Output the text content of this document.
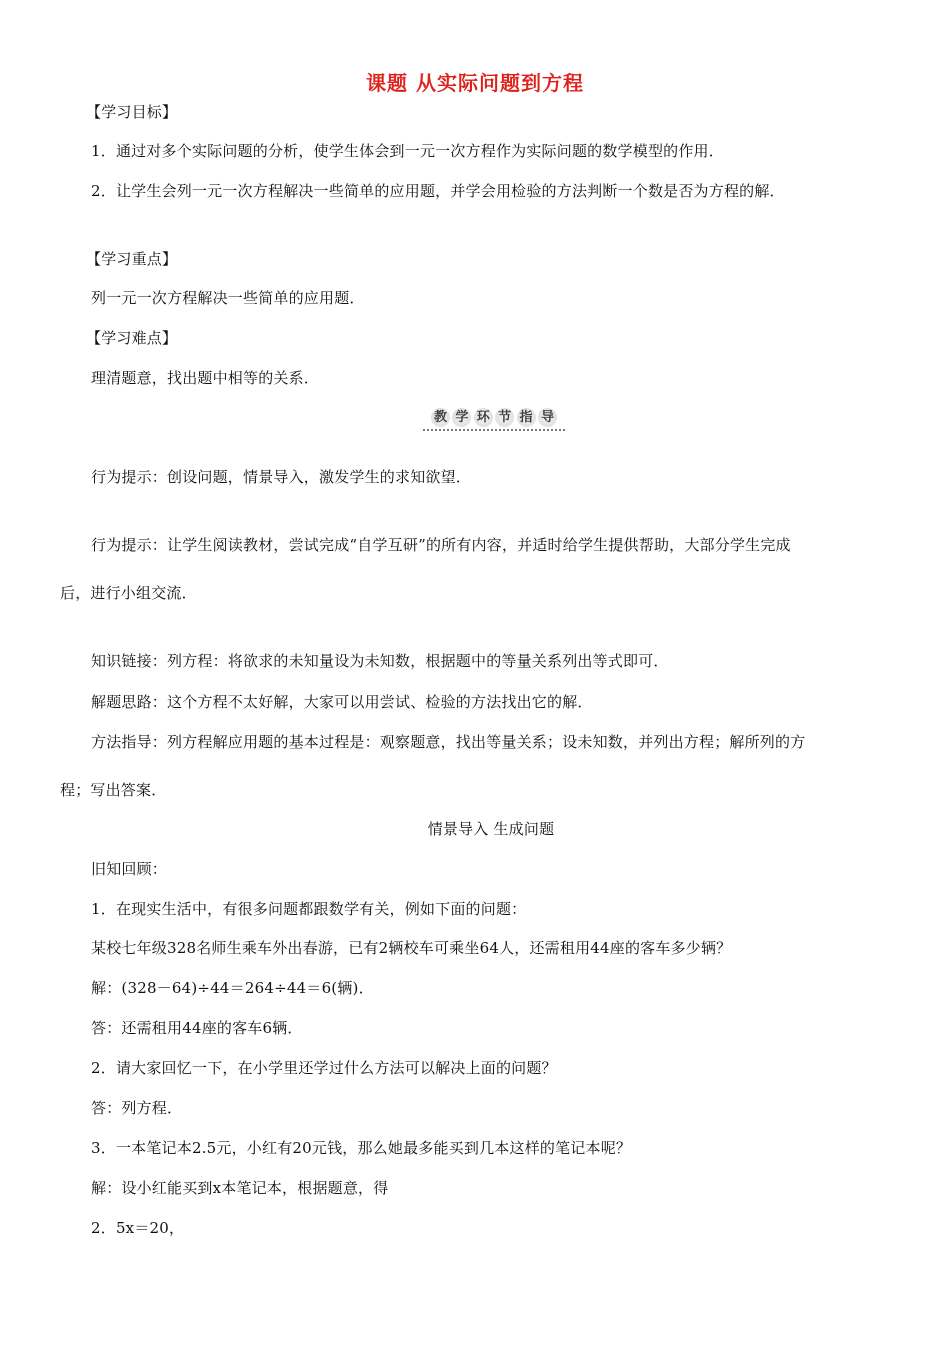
课题 从实际问题到方程
【学习目标】
1．通过对多个实际问题的分析，使学生体会到一元一次方程作为实际问题的数学模型的作用．
2．让学生会列一元一次方程解决一些简单的应用题，并学会用检验的方法判断一个数是否为方程的解．
【学习重点】
列一元一次方程解决一些简单的应用题．
【学习难点】
理清题意，找出题中相等的关系．
教 学 环 节 指 导
行为提示：创设问题，情景导入，激发学生的求知欲望．
行为提示：让学生阅读教材，尝试完成“自学互研”的所有内容，并适时给学生提供帮助，大部分学生完成
后，进行小组交流．
知识链接：列方程：将欲求的未知量设为未知数，根据题中的等量关系列出等式即可．
解题思路：这个方程不太好解，大家可以用尝试、检验的方法找出它的解．
方法指导：列方程解应用题的基本过程是：观察题意，找出等量关系；设未知数，并列出方程；解所列的方
程；写出答案．
情景导入 生成问题
旧知回顾：
1．在现实生活中，有很多问题都跟数学有关，例如下面的问题：
某校七年级328名师生乘车外出春游，已有2辆校车可乘坐64人，还需租用44座的客车多少辆？
解：(328－64)÷44＝264÷44＝6(辆)．
答：还需租用44座的客车6辆．
2．请大家回忆一下，在小学里还学过什么方法可以解决上面的问题？
答：列方程．
3．一本笔记本2.5元，小红有20元钱，那么她最多能买到几本这样的笔记本呢？
解：设小红能买到x本笔记本，根据题意，得
2．5x＝20，
